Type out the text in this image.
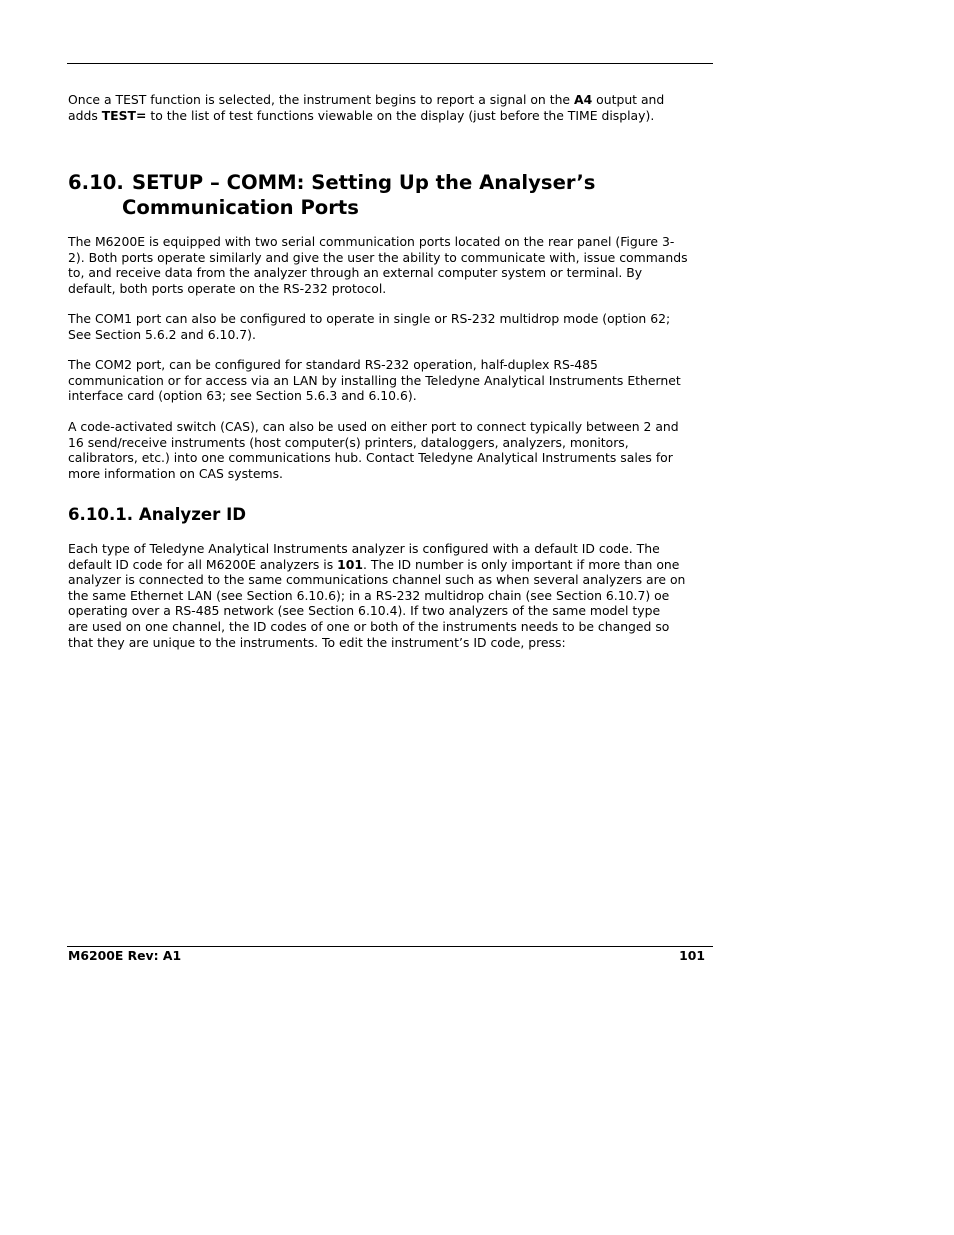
Once a TEST function is selected, the instrument begins to report a signal on the A4 output and
adds TEST= to the list of test functions viewable on the display (just before the TIME display).

6.10. SETUP – COMM: Setting Up the Analyser’s
Communication Ports

The M6200E is equipped with two serial communication ports located on the rear panel (Figure 3-
2). Both ports operate similarly and give the user the ability to communicate with, issue commands
to, and receive data from the analyzer through an external computer system or terminal. By
default, both ports operate on the RS-232 protocol.

The COM1 port can also be configured to operate in single or RS-232 multidrop mode (option 62;
See Section 5.6.2 and 6.10.7).

The COM2 port, can be configured for standard RS-232 operation, half-duplex RS-485
communication or for access via an LAN by installing the Teledyne Analytical Instruments Ethernet
interface card (option 63; see Section 5.6.3 and 6.10.6).

A code-activated switch (CAS), can also be used on either port to connect typically between 2 and
16 send/receive instruments (host computer(s) printers, dataloggers, analyzers, monitors,
calibrators, etc.) into one communications hub. Contact Teledyne Analytical Instruments sales for
more information on CAS systems.

6.10.1. Analyzer ID

Each type of Teledyne Analytical Instruments analyzer is configured with a default ID code. The
default ID code for all M6200E analyzers is 101. The ID number is only important if more than one
analyzer is connected to the same communications channel such as when several analyzers are on
the same Ethernet LAN (see Section 6.10.6); in a RS-232 multidrop chain (see Section 6.10.7) oe
operating over a RS-485 network (see Section 6.10.4). If two analyzers of the same model type
are used on one channel, the ID codes of one or both of the instruments needs to be changed so
that they are unique to the instruments. To edit the instrument’s ID code, press:

M6200E Rev: A1	101
